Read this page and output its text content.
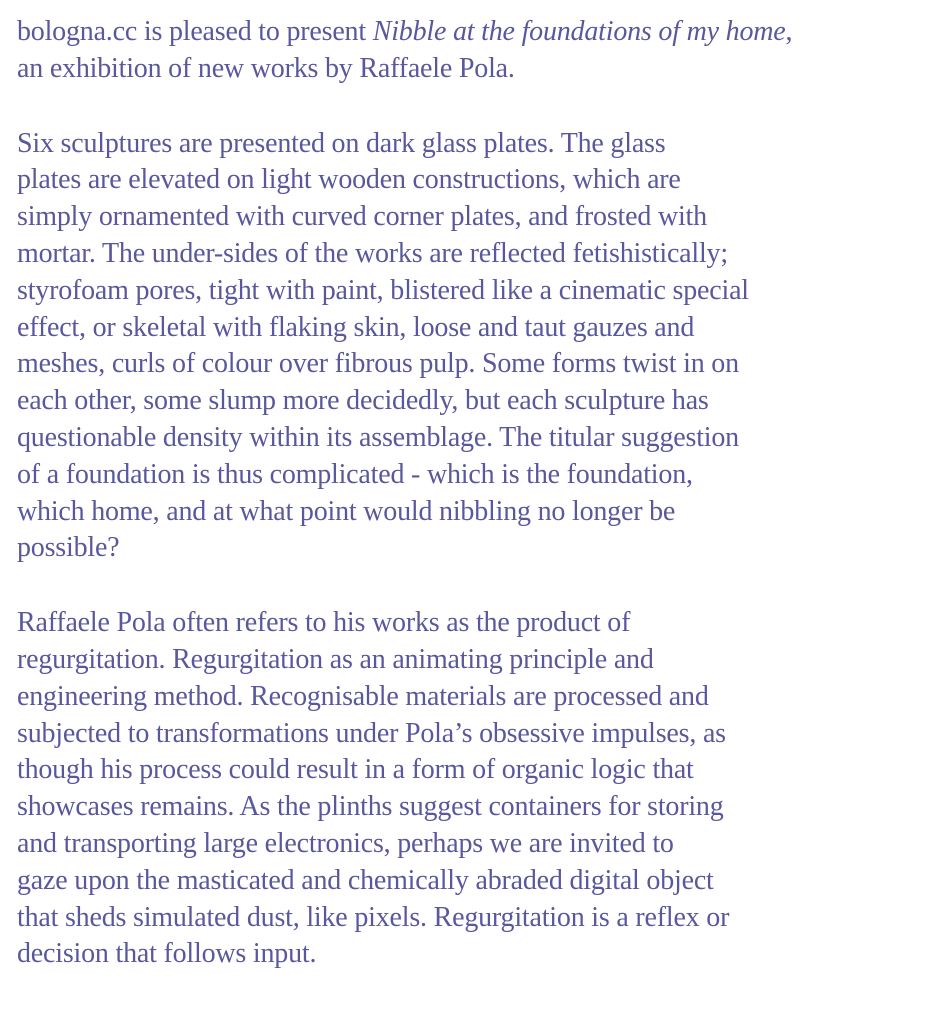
bologna.cc is pleased to present Nibble at the foundations of my home,
an exhibition of new works by Raffaele Pola.

Six sculptures are presented on dark glass plates. The glass
plates are elevated on light wooden constructions, which are
simply ornamented with curved corner plates, and frosted with
mortar. The under-sides of the works are reflected fetishistically;
styrofoam pores, tight with paint, blistered like a cinematic special
effect, or skeletal with flaking skin, loose and taut gauzes and
meshes, curls of colour over fibrous pulp. Some forms twist in on
each other, some slump more decidedly, but each sculpture has
questionable density within its assemblage. The titular suggestion
of a foundation is thus complicated - which is the foundation,
which home, and at what point would nibbling no longer be
possible?

Raffaele Pola often refers to his works as the product of
regurgitation. Regurgitation as an animating principle and
engineering method. Recognisable materials are processed and
subjected to transformations under Pola’s obsessive impulses, as
though his process could result in a form of organic logic that
showcases remains. As the plinths suggest containers for storing
and transporting large electronics, perhaps we are invited to
gaze upon the masticated and chemically abraded digital object
that sheds simulated dust, like pixels. Regurgitation is a reflex or
decision that follows input.
